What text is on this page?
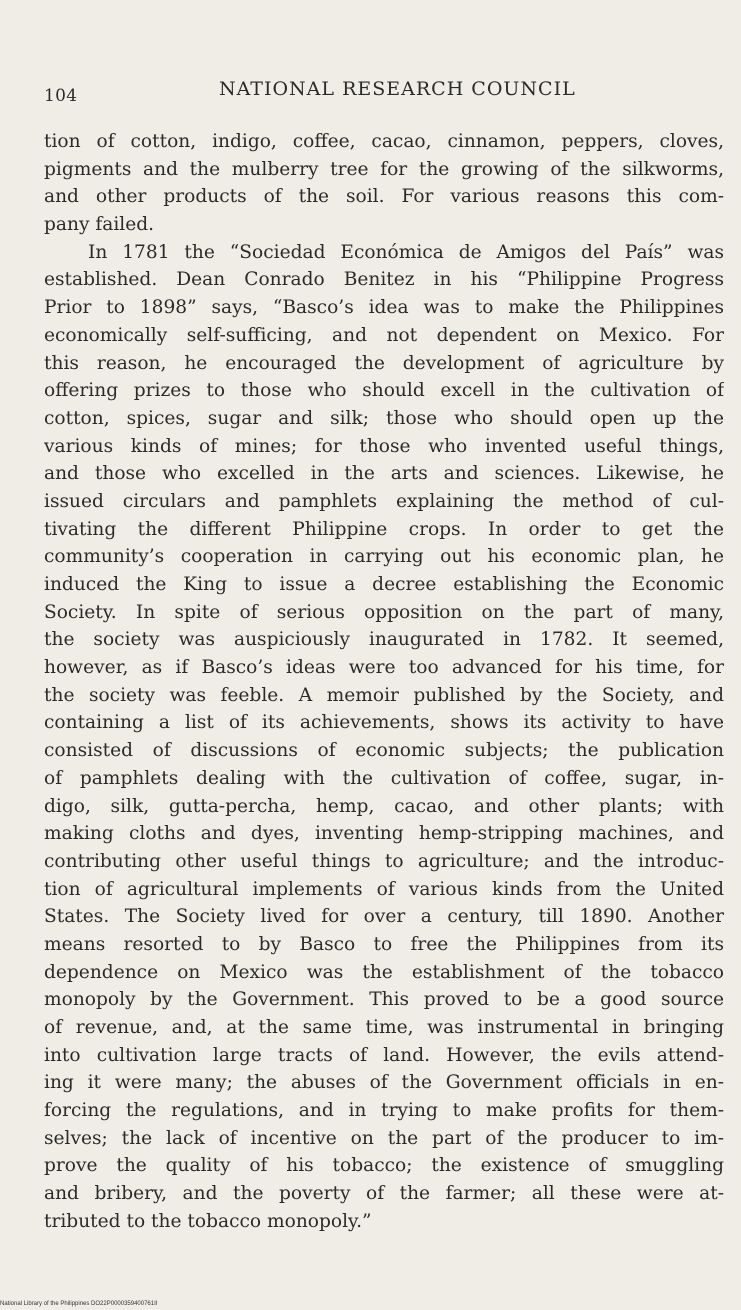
104	NATIONAL RESEARCH COUNCIL
tion of cotton, indigo, coffee, cacao, cinnamon, peppers, cloves,
pigments and the mulberry tree for the growing of the silkworms,
and other products of the soil. For various reasons this com-
pany failed.
In 1781 the “Sociedad Económica de Amigos del País” was
established. Dean Conrado Benitez in his “Philippine Progress
Prior to 1898” says, “Basco’s idea was to make the Philippines
economically self-sufficing, and not dependent on Mexico. For
this reason, he encouraged the development of agriculture by
offering prizes to those who should excell in the cultivation of
cotton, spices, sugar and silk; those who should open up the
various kinds of mines; for those who invented useful things,
and those who excelled in the arts and sciences. Likewise, he
issued circulars and pamphlets explaining the method of cul-
tivating the different Philippine crops. In order to get the
community’s cooperation in carrying out his economic plan, he
induced the King to issue a decree establishing the Economic
Society. In spite of serious opposition on the part of many,
the society was auspiciously inaugurated in 1782. It seemed,
however, as if Basco’s ideas were too advanced for his time, for
the society was feeble. A memoir published by the Society, and
containing a list of its achievements, shows its activity to have
consisted of discussions of economic subjects; the publication
of pamphlets dealing with the cultivation of coffee, sugar, in-
digo, silk, gutta-percha, hemp, cacao, and other plants; with
making cloths and dyes, inventing hemp-stripping machines, and
contributing other useful things to agriculture; and the introduc-
tion of agricultural implements of various kinds from the United
States. The Society lived for over a century, till 1890. Another
means resorted to by Basco to free the Philippines from its
dependence on Mexico was the establishment of the tobacco
monopoly by the Government. This proved to be a good source
of revenue, and, at the same time, was instrumental in bringing
into cultivation large tracts of land. However, the evils attend-
ing it were many; the abuses of the Government officials in en-
forcing the regulations, and in trying to make profits for them-
selves; the lack of incentive on the part of the producer to im-
prove the quality of his tobacco; the existence of smuggling
and bribery, and the poverty of the farmer; all these were at-
tributed to the tobacco monopoly.”
National Library of the Philippines DO22P0000359400761II
